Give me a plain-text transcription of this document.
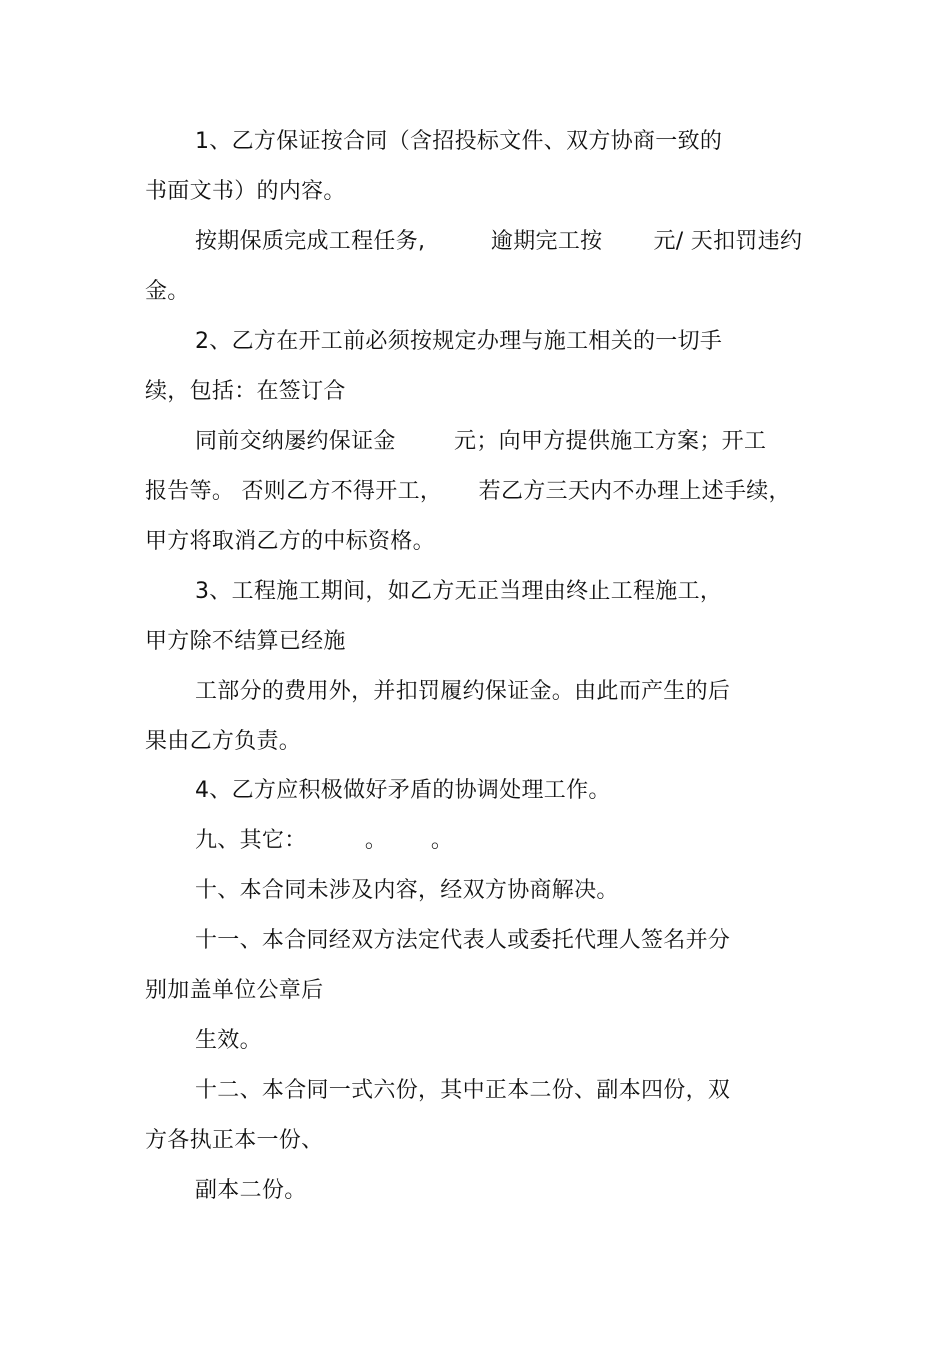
1、乙方保证按合同（含招投标文件、双方协商一致的
书面文书）的内容。
按期保质完成工程任务,         逾期完工按       元/ 天扣罚违约
金。
2、乙方在开工前必须按规定办理与施工相关的一切手
续，包括：在签订合
同前交纳屡约保证金        元；向甲方提供施工方案；开工
报告等。 否则乙方不得开工，     若乙方三天内不办理上述手续，
甲方将取消乙方的中标资格。
3、工程施工期间，如乙方无正当理由终止工程施工，
甲方除不结算已经施
工部分的费用外，并扣罚履约保证金。由此而产生的后
果由乙方负责。
4、乙方应积极做好矛盾的协调处理工作。
九、其它：        。      。
十、本合同未涉及内容，经双方协商解决。
十一、本合同经双方法定代表人或委托代理人签名并分
别加盖单位公章后
生效。
十二、本合同一式六份，其中正本二份、副本四份，双
方各执正本一份、
副本二份。
